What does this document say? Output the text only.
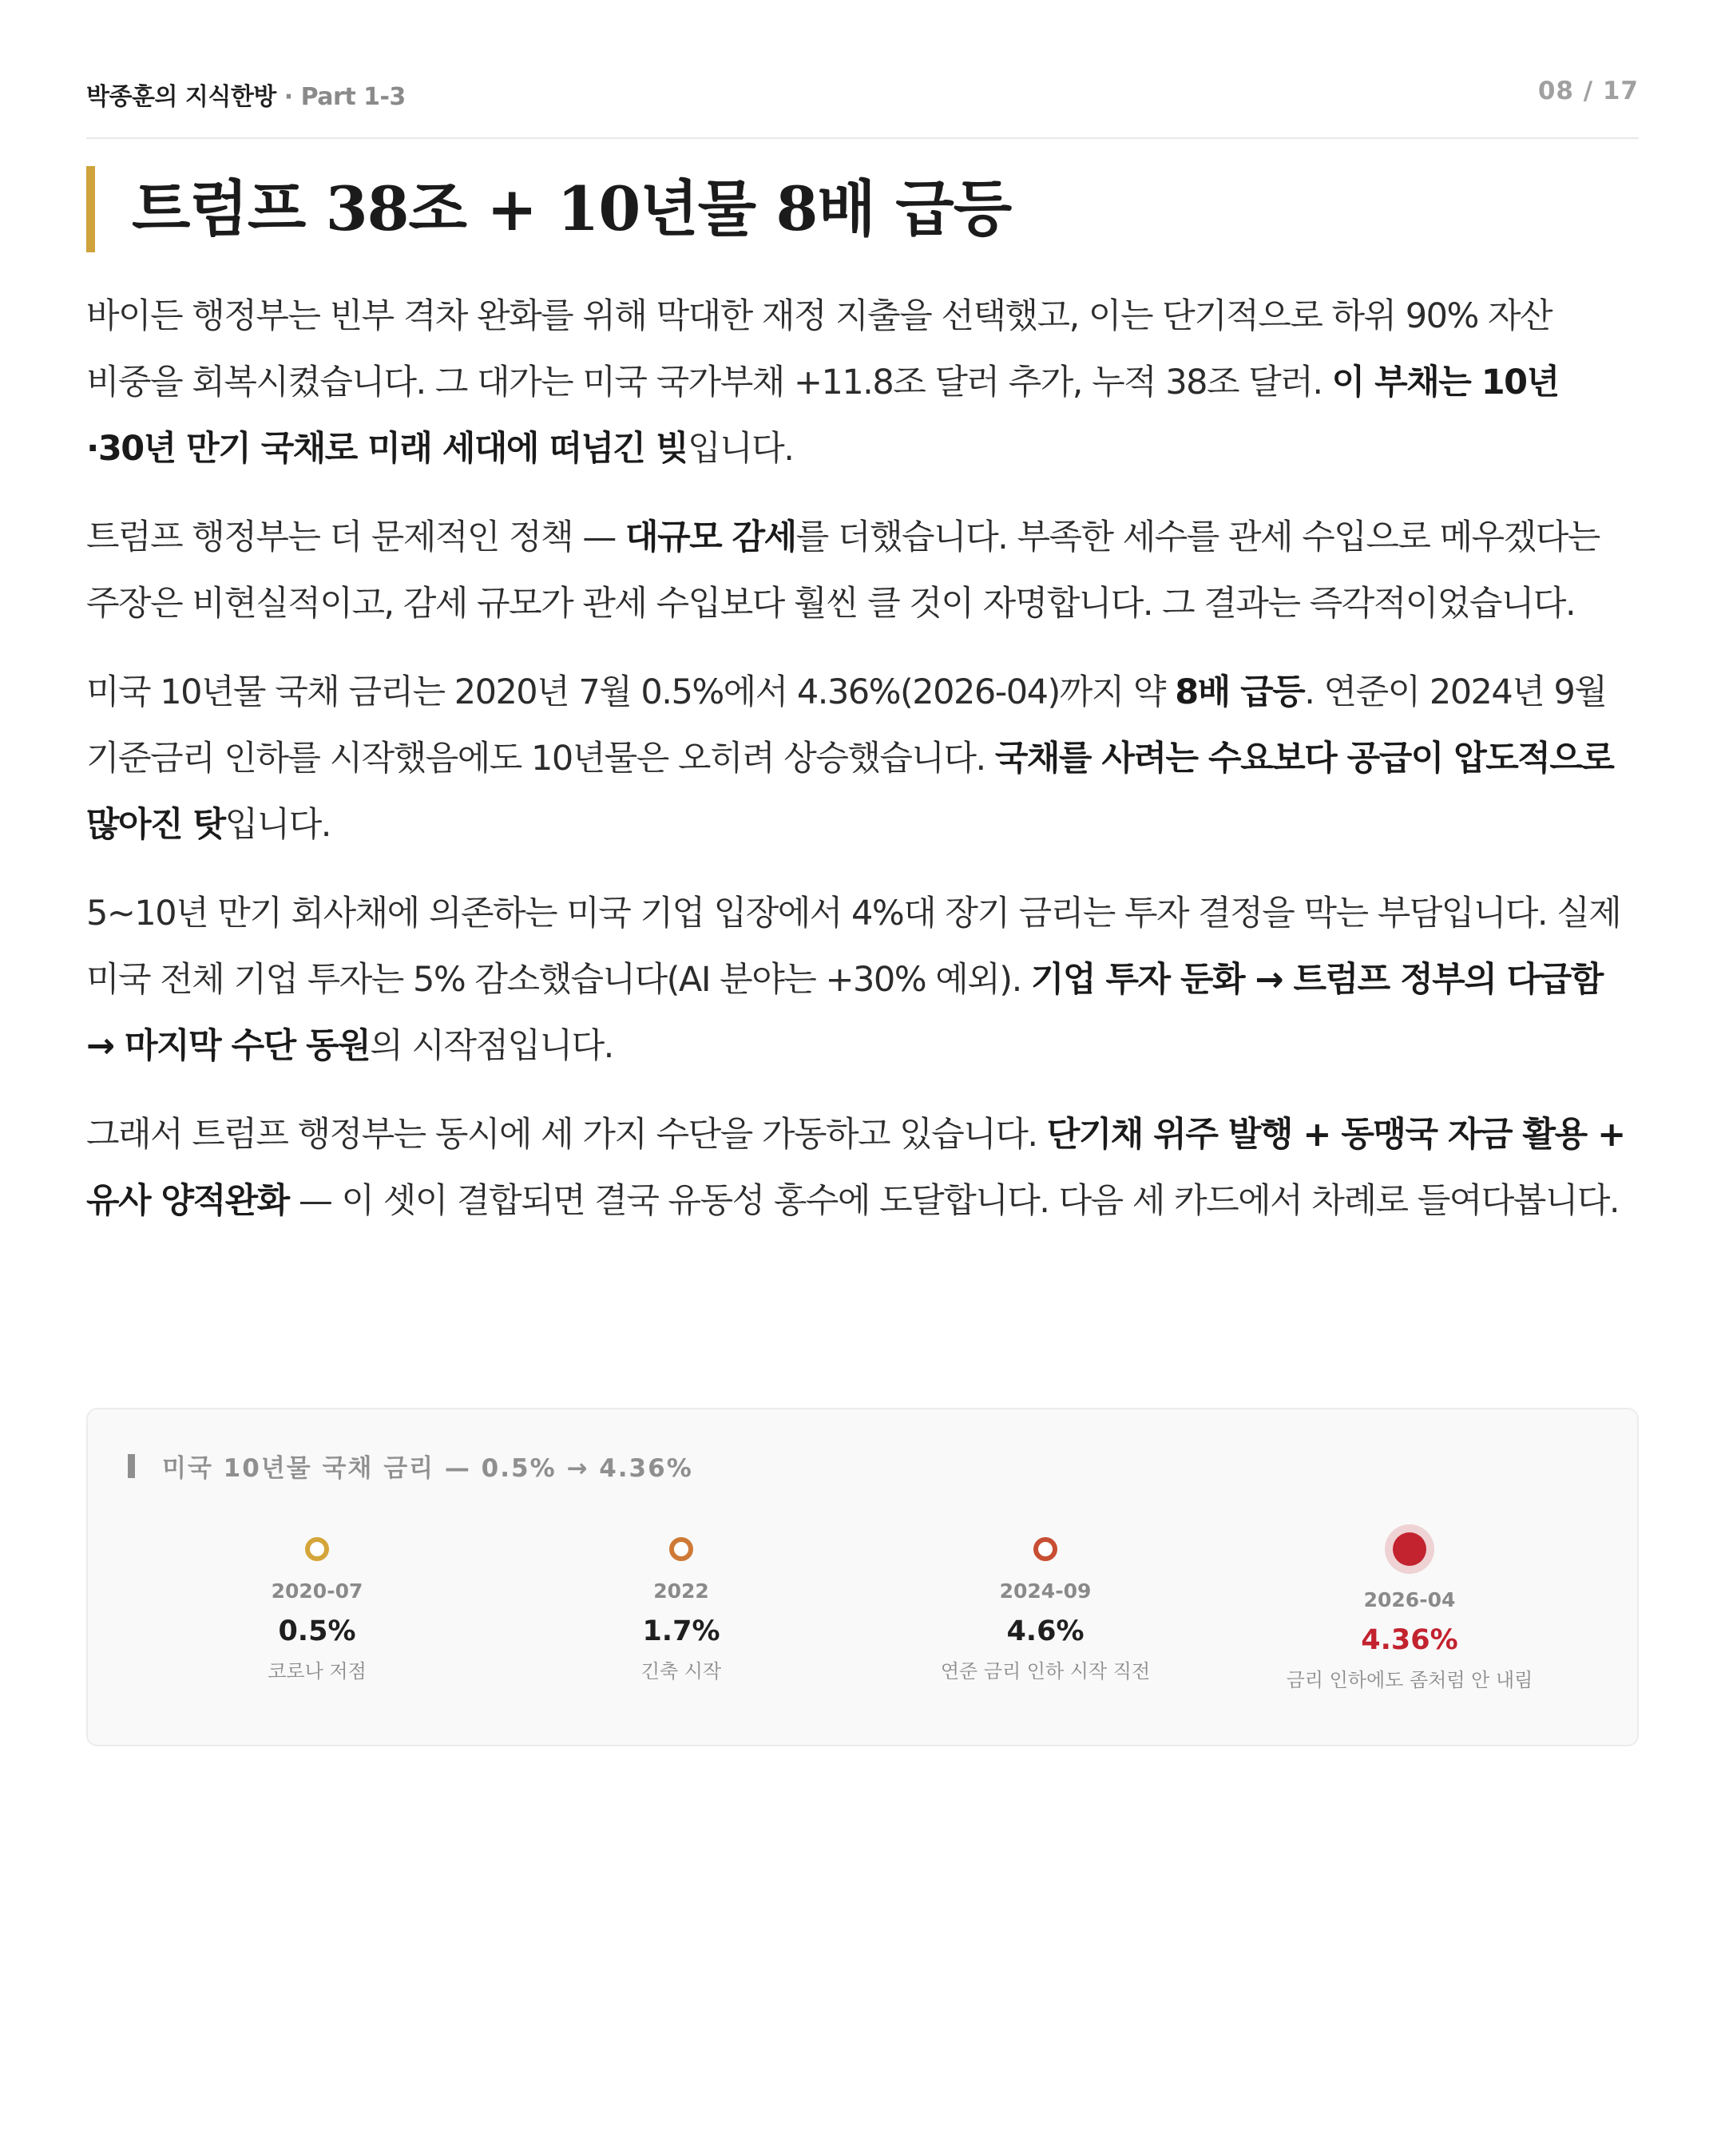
박종훈의 지식한방 · Part 1-3	08 / 17
트럼프 38조 + 10년물 8배 급등

바이든 행정부는 빈부 격차 완화를 위해 막대한 재정 지출을 선택했고, 이는 단기적으로 하위 90% 자산 비중을 회복시켰습니다. 그 대가는 미국 국가부채 +11.8조 달러 추가, 누적 38조 달러. 이 부채는 10년·30년 만기 국채로 미래 세대에 떠넘긴 빚입니다.

트럼프 행정부는 더 문제적인 정책 — 대규모 감세를 더했습니다. 부족한 세수를 관세 수입으로 메우겠다는 주장은 비현실적이고, 감세 규모가 관세 수입보다 훨씬 클 것이 자명합니다. 그 결과는 즉각적이었습니다.

미국 10년물 국채 금리는 2020년 7월 0.5%에서 4.36%(2026-04)까지 약 8배 급등. 연준이 2024년 9월 기준금리 인하를 시작했음에도 10년물은 오히려 상승했습니다. 국채를 사려는 수요보다 공급이 압도적으로 많아진 탓입니다.

5~10년 만기 회사채에 의존하는 미국 기업 입장에서 4%대 장기 금리는 투자 결정을 막는 부담입니다. 실제 미국 전체 기업 투자는 5% 감소했습니다(AI 분야는 +30% 예외). 기업 투자 둔화 → 트럼프 정부의 다급함 → 마지막 수단 동원의 시작점입니다.

그래서 트럼프 행정부는 동시에 세 가지 수단을 가동하고 있습니다. 단기채 위주 발행 + 동맹국 자금 활용 + 유사 양적완화 — 이 셋이 결합되면 결국 유동성 홍수에 도달합니다. 다음 세 카드에서 차례로 들여다봅니다.

미국 10년물 국채 금리 — 0.5% → 4.36%
2020-07
0.5%
코로나 저점
2022
1.7%
긴축 시작
2024-09
4.6%
연준 금리 인하 시작 직전
2026-04
4.36%
금리 인하에도 좀처럼 안 내림
